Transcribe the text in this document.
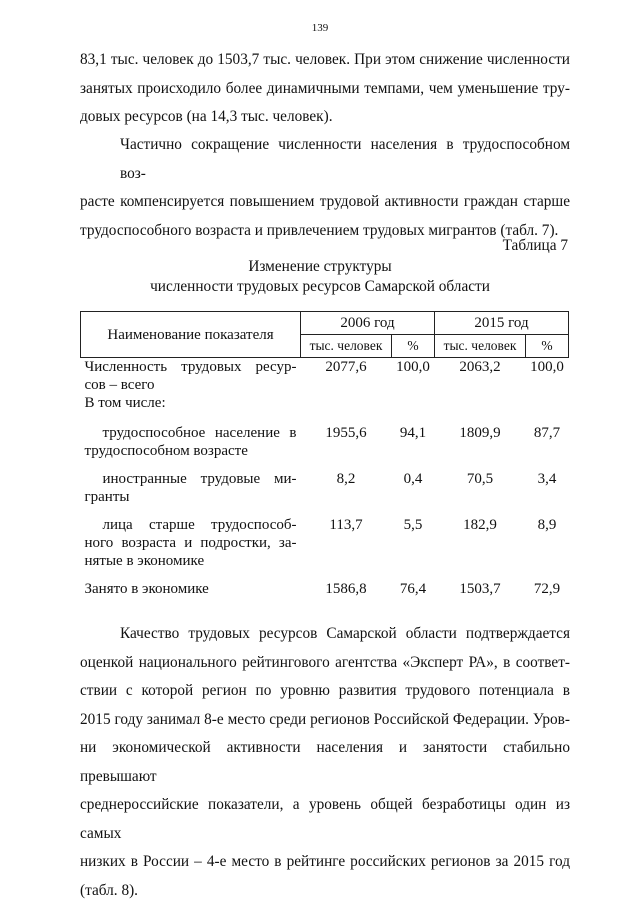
139
83,1 тыс. человек до 1503,7 тыс. человек. При этом снижение численности
занятых происходило более динамичными темпами, чем уменьшение тру-
довых ресурсов (на 14,3 тыс. человек).
Частично сокращение численности населения в трудоспособном воз-
расте компенсируется повышением трудовой активности граждан старше
трудоспособного возраста и привлечением трудовых мигрантов (табл. 7).
Таблица 7
Изменение структуры
численности трудовых ресурсов Самарской области
Наименование показателя	2006 год		2015 год	
	тыс. человек	%	тыс. человек	%

Численность трудовых ресур-
сов – всего	2077,6	100,0	2063,2	100,0
В том числе:				

трудоспособное население в
трудоспособном возрасте	1955,6	94,1	1809,9	87,7

иностранные трудовые ми-
гранты	8,2	0,4	70,5	3,4

лица старше трудоспособ-
ного возраста и подростки, за-
нятые в экономике	113,7	5,5	182,9	8,9
Занято в экономике	1586,8	76,4	1503,7	72,9
Качество трудовых ресурсов Самарской области подтверждается
оценкой национального рейтингового агентства «Эксперт РА», в соответ-
ствии с которой регион по уровню развития трудового потенциала в
2015 году занимал 8-е место среди регионов Российской Федерации. Уров-
ни экономической активности населения и занятости стабильно превышают
среднероссийские показатели, а уровень общей безработицы один из самых
низких в России – 4-е место в рейтинге российских регионов за 2015 год
(табл. 8).
